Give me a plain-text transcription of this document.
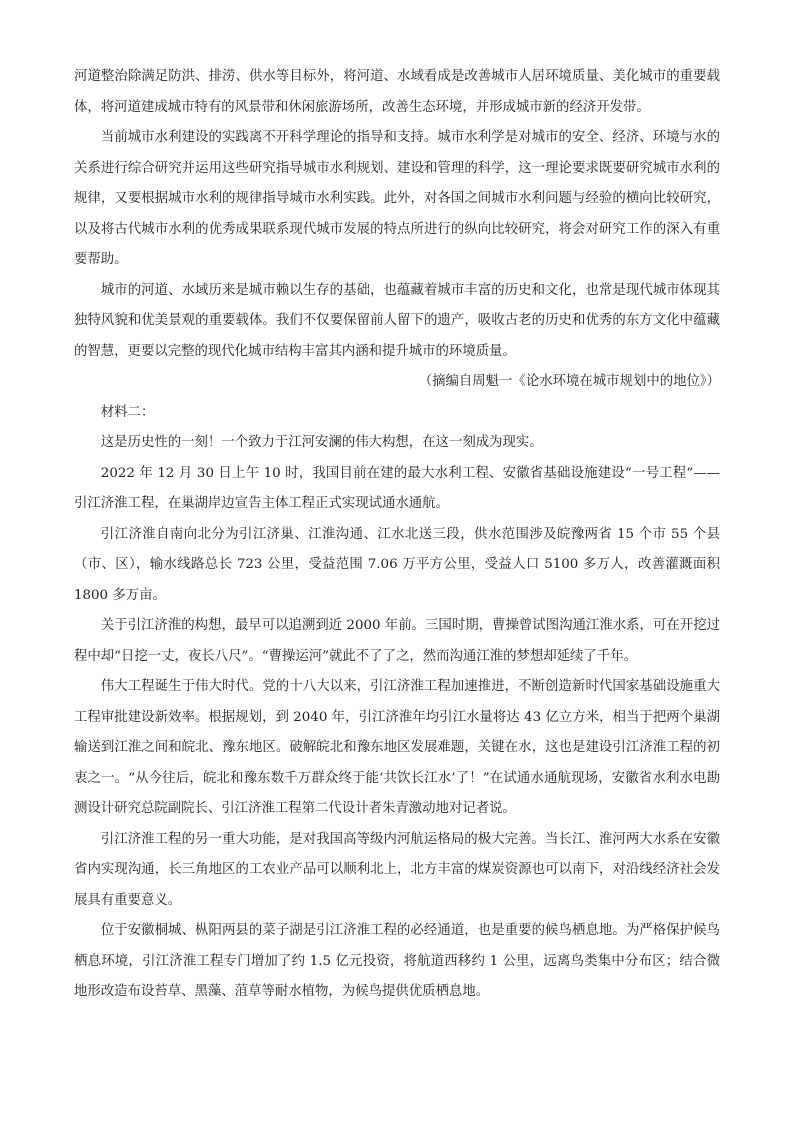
河道整治除满足防洪、排涝、供水等目标外，将河道、水域看成是改善城市人居环境质量、美化城市的重要载体，将河道建成城市特有的风景带和休闲旅游场所，改善生态环境，并形成城市新的经济开发带。

当前城市水利建设的实践离不开科学理论的指导和支持。城市水利学是对城市的安全、经济、环境与水的关系进行综合研究并运用这些研究指导城市水利规划、建设和管理的科学，这一理论要求既要研究城市水利的规律，又要根据城市水利的规律指导城市水利实践。此外，对各国之间城市水利问题与经验的横向比较研究，以及将古代城市水利的优秀成果联系现代城市发展的特点所进行的纵向比较研究，将会对研究工作的深入有重要帮助。

城市的河道、水域历来是城市赖以生存的基础，也蕴藏着城市丰富的历史和文化，也常是现代城市体现其独特风貌和优美景观的重要载体。我们不仅要保留前人留下的遗产，吸收古老的历史和优秀的东方文化中蕴藏的智慧，更要以完整的现代化城市结构丰富其内涵和提升城市的环境质量。

（摘编自周魁一《论水环境在城市规划中的地位》）

材料二：

这是历史性的一刻！一个致力于江河安澜的伟大构想，在这一刻成为现实。

2022 年 12 月 30 日上午 10 时，我国目前在建的最大水利工程、安徽省基础设施建设“一号工程”——引江济淮工程，在巢湖岸边宣告主体工程正式实现试通水通航。

引江济淮自南向北分为引江济巢、江淮沟通、江水北送三段，供水范围涉及皖豫两省 15 个市 55 个县（市、区），输水线路总长 723 公里，受益范围 7.06 万平方公里，受益人口 5100 多万人，改善灌溉面积 1800 多万亩。

关于引江济淮的构想，最早可以追溯到近 2000 年前。三国时期，曹操曾试图沟通江淮水系，可在开挖过程中却“日挖一丈，夜长八尺”。“曹操运河”就此不了了之，然而沟通江淮的梦想却延续了千年。

伟大工程诞生于伟大时代。党的十八大以来，引江济淮工程加速推进，不断创造新时代国家基础设施重大工程审批建设新效率。根据规划，到 2040 年，引江济淮年均引江水量将达 43 亿立方米，相当于把两个巢湖输送到江淮之间和皖北、豫东地区。破解皖北和豫东地区发展难题，关键在水，这也是建设引江济淮工程的初衷之一。“从今往后，皖北和豫东数千万群众终于能‘共饮长江水’了！”在试通水通航现场，安徽省水利水电勘测设计研究总院副院长、引江济淮工程第二代设计者朱青激动地对记者说。

引江济淮工程的另一重大功能，是对我国高等级内河航运格局的极大完善。当长江、淮河两大水系在安徽省内实现沟通，长三角地区的工农业产品可以顺利北上，北方丰富的煤炭资源也可以南下，对沿线经济社会发展具有重要意义。

位于安徽桐城、枞阳两县的菜子湖是引江济淮工程的必经通道，也是重要的候鸟栖息地。为严格保护候鸟栖息环境，引江济淮工程专门增加了约 1.5 亿元投资，将航道西移约 1 公里，远离鸟类集中分布区；结合微地形改造布设苔草、黑藻、菹草等耐水植物，为候鸟提供优质栖息地。
